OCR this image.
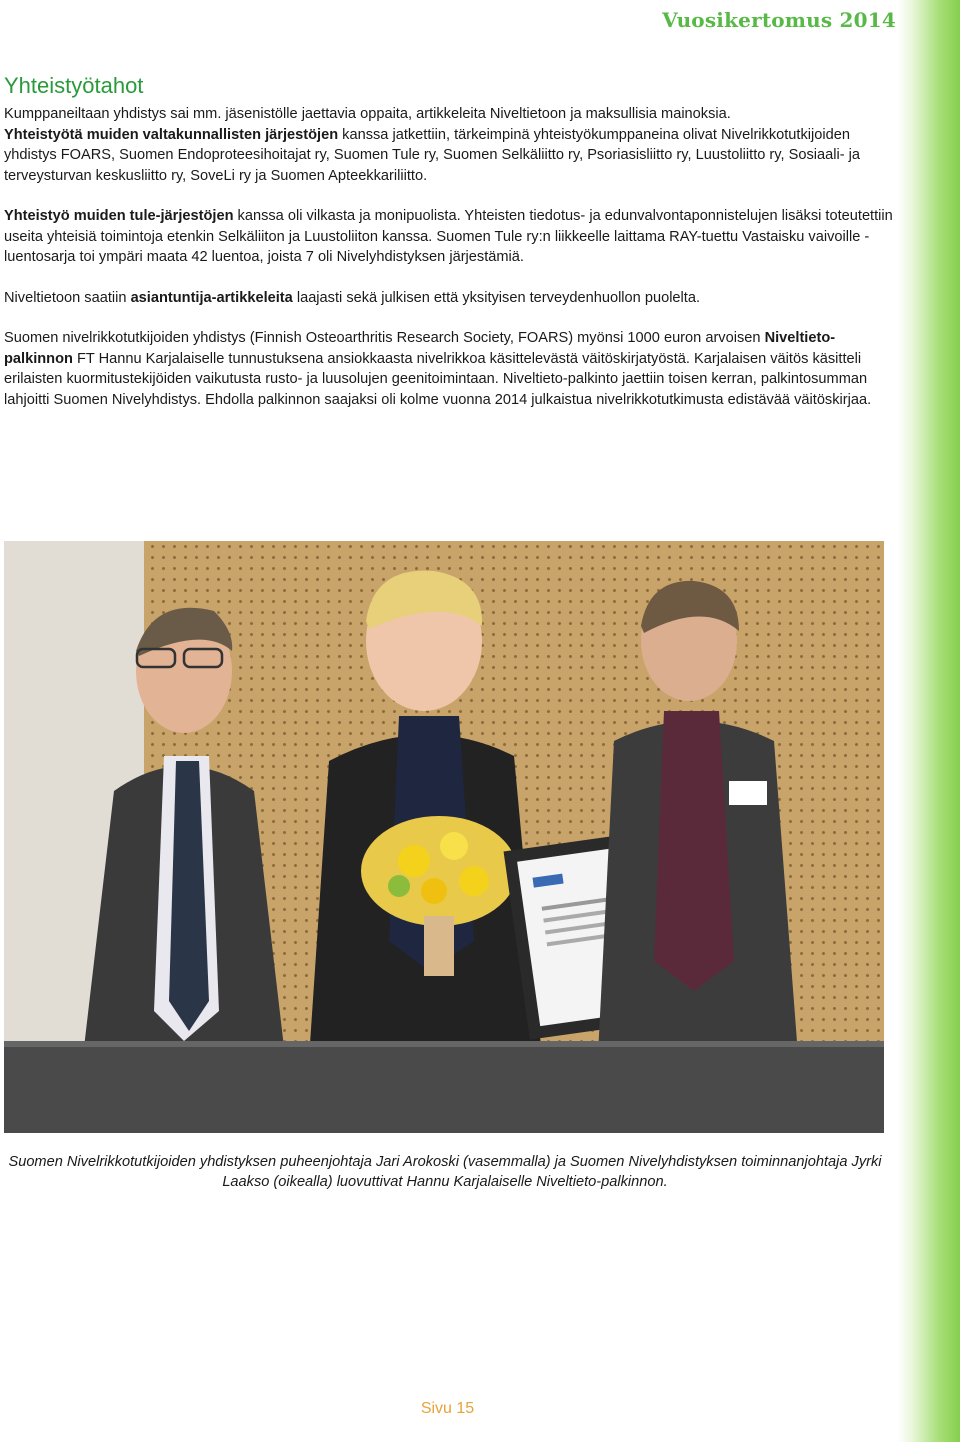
Vuosikertomus 2014
Yhteistyötahot

Kumppaneiltaan yhdistys sai mm. jäsenistölle jaettavia oppaita, artikkeleita Niveltietoon ja maksullisia mainoksia.

Yhteistyötä muiden valtakunnallisten järjestöjen kanssa jatkettiin, tärkeimpinä yhteistyökumppaneina olivat Nivelrikkotutkijoiden yhdistys FOARS, Suomen Endoproteesihoitajat ry, Suomen Tule ry, Suomen Selkäliitto ry, Psoriasisliitto ry, Luustoliitto ry, Sosiaali- ja terveysturvan keskusliitto ry, SoveLi ry ja Suomen Apteekkariliitto.

Yhteistyö muiden tule-järjestöjen kanssa oli vilkasta ja monipuolista. Yhteisten tiedotus- ja edunvalvontaponnistelujen lisäksi toteutettiin useita yhteisiä toimintoja etenkin Selkäliiton ja Luustoliiton kanssa. Suomen Tule ry:n liikkeelle laittama RAY-tuettu Vastaisku vaivoille -luentosarja toi ympäri maata 42 luentoa, joista 7 oli Nivelyhdistyksen järjestämiä.

Niveltietoon saatiin asiantuntija-artikkeleita laajasti sekä julkisen että yksityisen terveydenhuollon puolelta.

Suomen nivelrikkotutkijoiden yhdistys (Finnish Osteoarthritis Research Society, FOARS) myönsi 1000 euron arvoisen Niveltieto-palkinnon FT Hannu Karjalaiselle tunnustuksena ansiokkaasta nivelrikkoa käsittelevästä väitöskirjatyöstä. Karjalaisen väitös käsitteli erilaisten kuormitustekijöiden vaikutusta rusto- ja luusolujen geenitoimintaan. Niveltieto-palkinto jaettiin toisen kerran, palkintosumman lahjoitti Suomen Nivelyhdistys. Ehdolla palkinnon saajaksi oli kolme vuonna 2014 julkaistua nivelrikkotutkimusta edistävää väitöskirjaa.

Suomen Nivelrikkotutkijoiden yhdistyksen puheenjohtaja Jari Arokoski (vasemmalla) ja Suomen Nivelyhdistyksen toiminnanjohtaja Jyrki Laakso (oikealla) luovuttivat Hannu Karjalaiselle Niveltieto-palkinnon.
Sivu 15
